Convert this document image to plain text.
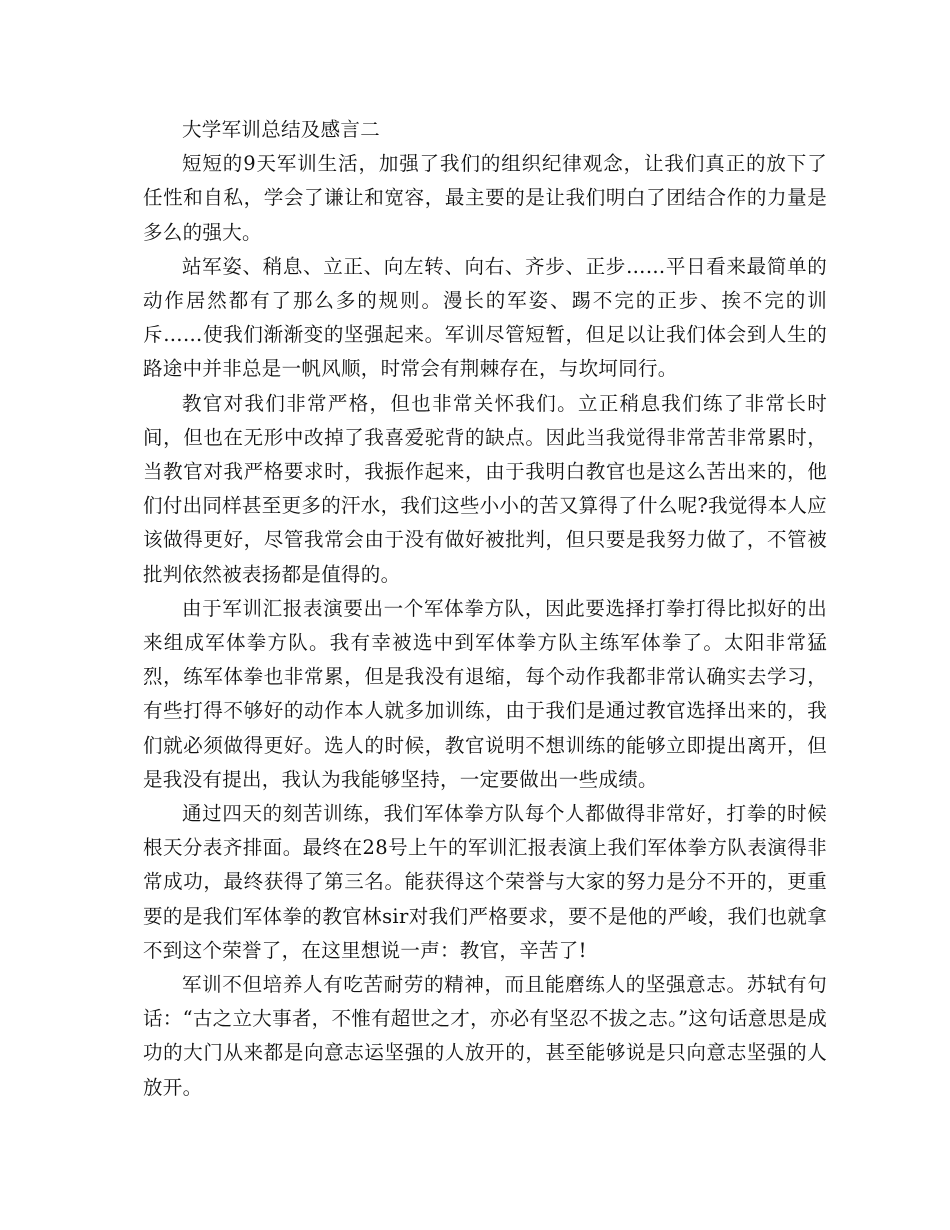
大学军训总结及感言二

短短的9天军训生活，加强了我们的组织纪律观念，让我们真正的放下了任性和自私，学会了谦让和宽容，最主要的是让我们明白了团结合作的力量是多么的强大。

站军姿、稍息、立正、向左转、向右、齐步、正步……平日看来最简单的动作居然都有了那么多的规则。漫长的军姿、踢不完的正步、挨不完的训斥……使我们渐渐变的坚强起来。军训尽管短暂，但足以让我们体会到人生的路途中并非总是一帆风顺，时常会有荆棘存在，与坎坷同行。

教官对我们非常严格，但也非常关怀我们。立正稍息我们练了非常长时间，但也在无形中改掉了我喜爱驼背的缺点。因此当我觉得非常苦非常累时，当教官对我严格要求时，我振作起来，由于我明白教官也是这么苦出来的，他们付出同样甚至更多的汗水，我们这些小小的苦又算得了什么呢?我觉得本人应该做得更好，尽管我常会由于没有做好被批判，但只要是我努力做了，不管被批判依然被表扬都是值得的。

由于军训汇报表演要出一个军体拳方队，因此要选择打拳打得比拟好的出来组成军体拳方队。我有幸被选中到军体拳方队主练军体拳了。太阳非常猛烈，练军体拳也非常累，但是我没有退缩，每个动作我都非常认确实去学习，有些打得不够好的动作本人就多加训练，由于我们是通过教官选择出来的，我们就必须做得更好。选人的时候，教官说明不想训练的能够立即提出离开，但是我没有提出，我认为我能够坚持，一定要做出一些成绩。

通过四天的刻苦训练，我们军体拳方队每个人都做得非常好，打拳的时候根天分表齐排面。最终在28号上午的军训汇报表演上我们军体拳方队表演得非常成功，最终获得了第三名。能获得这个荣誉与大家的努力是分不开的，更重要的是我们军体拳的教官林sir对我们严格要求，要不是他的严峻，我们也就拿不到这个荣誉了，在这里想说一声：教官，辛苦了!

军训不但培养人有吃苦耐劳的精神，而且能磨练人的坚强意志。苏轼有句话：“古之立大事者，不惟有超世之才，亦必有坚忍不拔之志。”这句话意思是成功的大门从来都是向意志运坚强的人放开的，甚至能够说是只向意志坚强的人放开。
